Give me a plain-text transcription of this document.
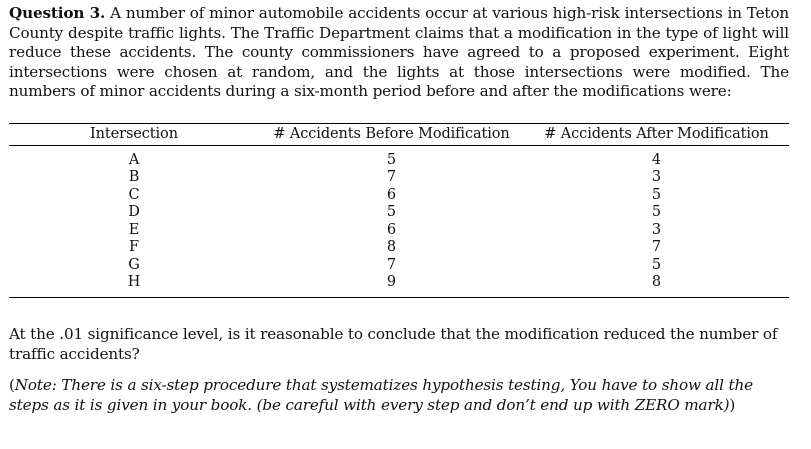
Question 3. A number of minor automobile accidents occur at various high-risk intersections in Teton County despite traffic lights. The Traffic Department claims that a modification in the type of light will reduce these accidents. The county commissioners have agreed to a proposed experiment. Eight intersections were chosen at random, and the lights at those intersections were modified. The numbers of minor accidents during a six-month period before and after the modifications were:

Intersection	# Accidents Before Modification	# Accidents After Modification
A	5	4
B	7	3
C	6	5
D	5	5
E	6	3
F	8	7
G	7	5
H	9	8

At the .01 significance level, is it reasonable to conclude that the modification reduced the number of traffic accidents?

(Note: There is a six-step procedure that systematizes hypothesis testing, You have to show all the steps as it is given in your book. (be careful with every step and don’t end up with ZERO mark))
